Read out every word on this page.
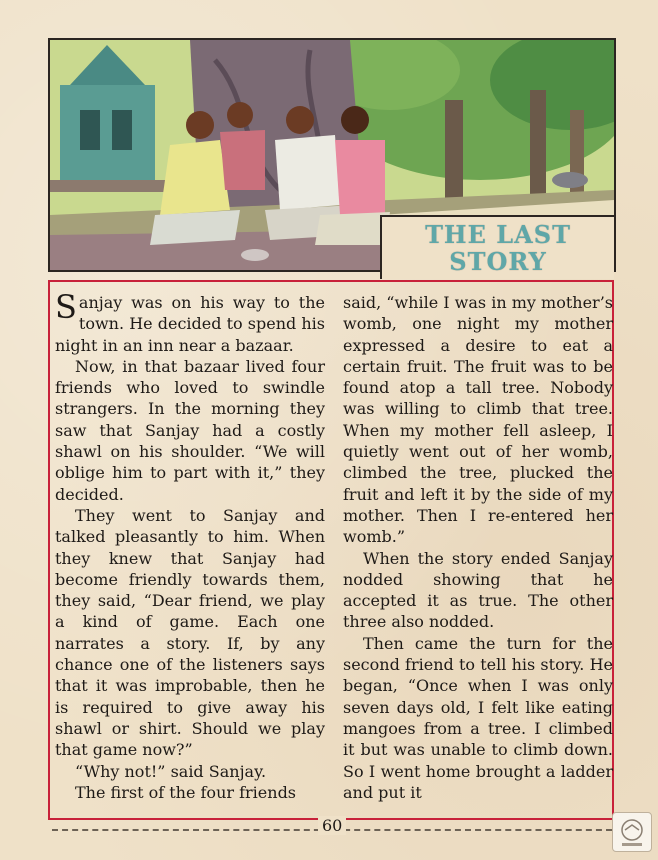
THE LAST
STORY

Sanjay was on his way to the town. He decided to spend his night in an inn near a bazaar.

Now, in that bazaar lived four friends who loved to swindle strangers. In the morning they saw that Sanjay had a costly shawl on his shoulder. “We will oblige him to part with it,” they decided.

They went to Sanjay and talked pleasantly to him. When they knew that Sanjay had become friendly towards them, they said, “Dear friend, we play a kind of game. Each one narrates a story. If, by any chance one of the listeners says that it was improbable, then he is required to give away his shawl or shirt. Should we play that game now?”

“Why not!” said Sanjay.

The first of the four friends

said, “while I was in my mother’s womb, one night my mother expressed a desire to eat a certain fruit. The fruit was to be found atop a tall tree. Nobody was willing to climb that tree. When my mother fell asleep, I quietly went out of her womb, climbed the tree, plucked the fruit and left it by the side of my mother. Then I re-entered her womb.”

When the story ended Sanjay nodded showing that he accepted it as true. The other three also nodded.

Then came the turn for the second friend to tell his story. He began, “Once when I was only seven days old, I felt like eating mangoes from a tree. I climbed it but was unable to climb down. So I went home brought a ladder and put it

60
